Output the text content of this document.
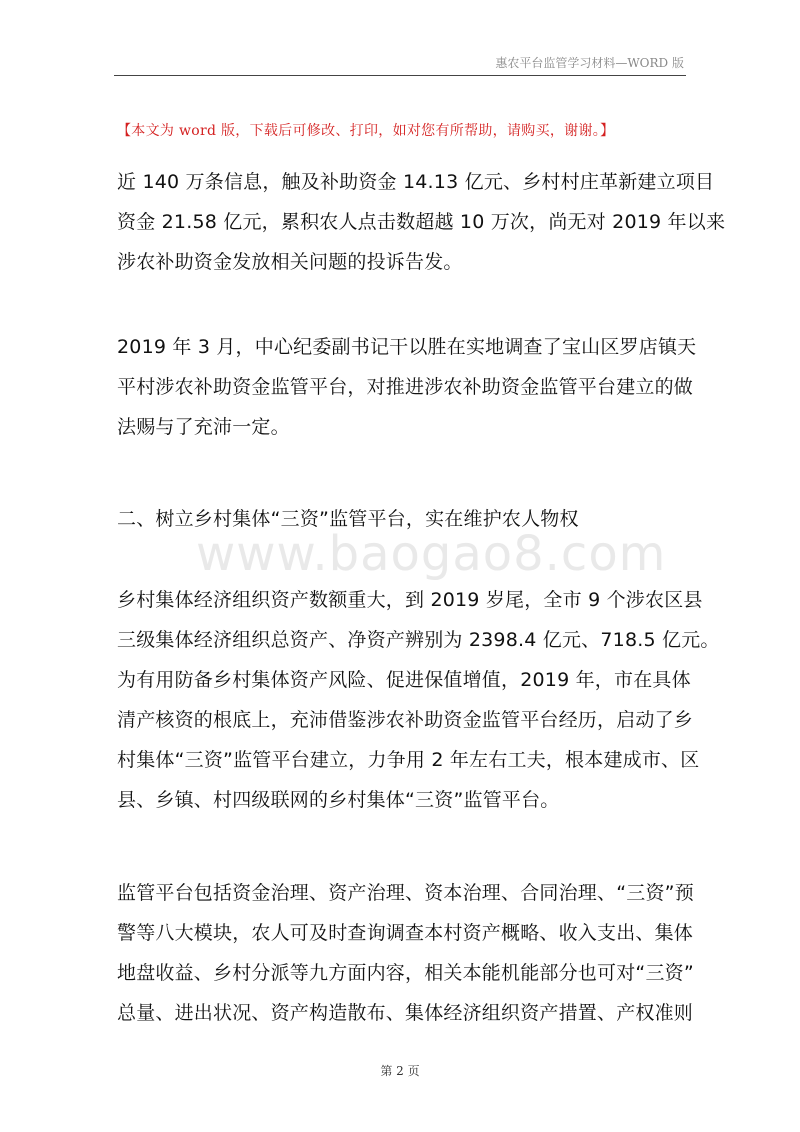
惠农平台监管学习材料—WORD 版
【本文为 word 版，下载后可修改、打印，如对您有所帮助，请购买，谢谢。】
近 140 万条信息，触及补助资金 14.13 亿元、乡村村庄革新建立项目
资金 21.58 亿元，累积农人点击数超越 10 万次，尚无对 2019 年以来
涉农补助资金发放相关问题的投诉告发。
2019 年 3 月，中心纪委副书记干以胜在实地调查了宝山区罗店镇天
平村涉农补助资金监管平台，对推进涉农补助资金监管平台建立的做
法赐与了充沛一定。
二、树立乡村集体“三资”监管平台，实在维护农人物权
www.baogao8.com
乡村集体经济组织资产数额重大，到 2019 岁尾，全市 9 个涉农区县
三级集体经济组织总资产、净资产辨别为 2398.4 亿元、718.5 亿元。
为有用防备乡村集体资产风险、促进保值增值，2019 年，市在具体
清产核资的根底上，充沛借鉴涉农补助资金监管平台经历，启动了乡
村集体“三资”监管平台建立，力争用 2 年左右工夫，根本建成市、区
县、乡镇、村四级联网的乡村集体“三资”监管平台。
监管平台包括资金治理、资产治理、资本治理、合同治理、“三资”预
警等八大模块，农人可及时查询调查本村资产概略、收入支出、集体
地盘收益、乡村分派等九方面内容，相关本能机能部分也可对“三资”
总量、进出状况、资产构造散布、集体经济组织资产措置、产权准则
第 2 页
